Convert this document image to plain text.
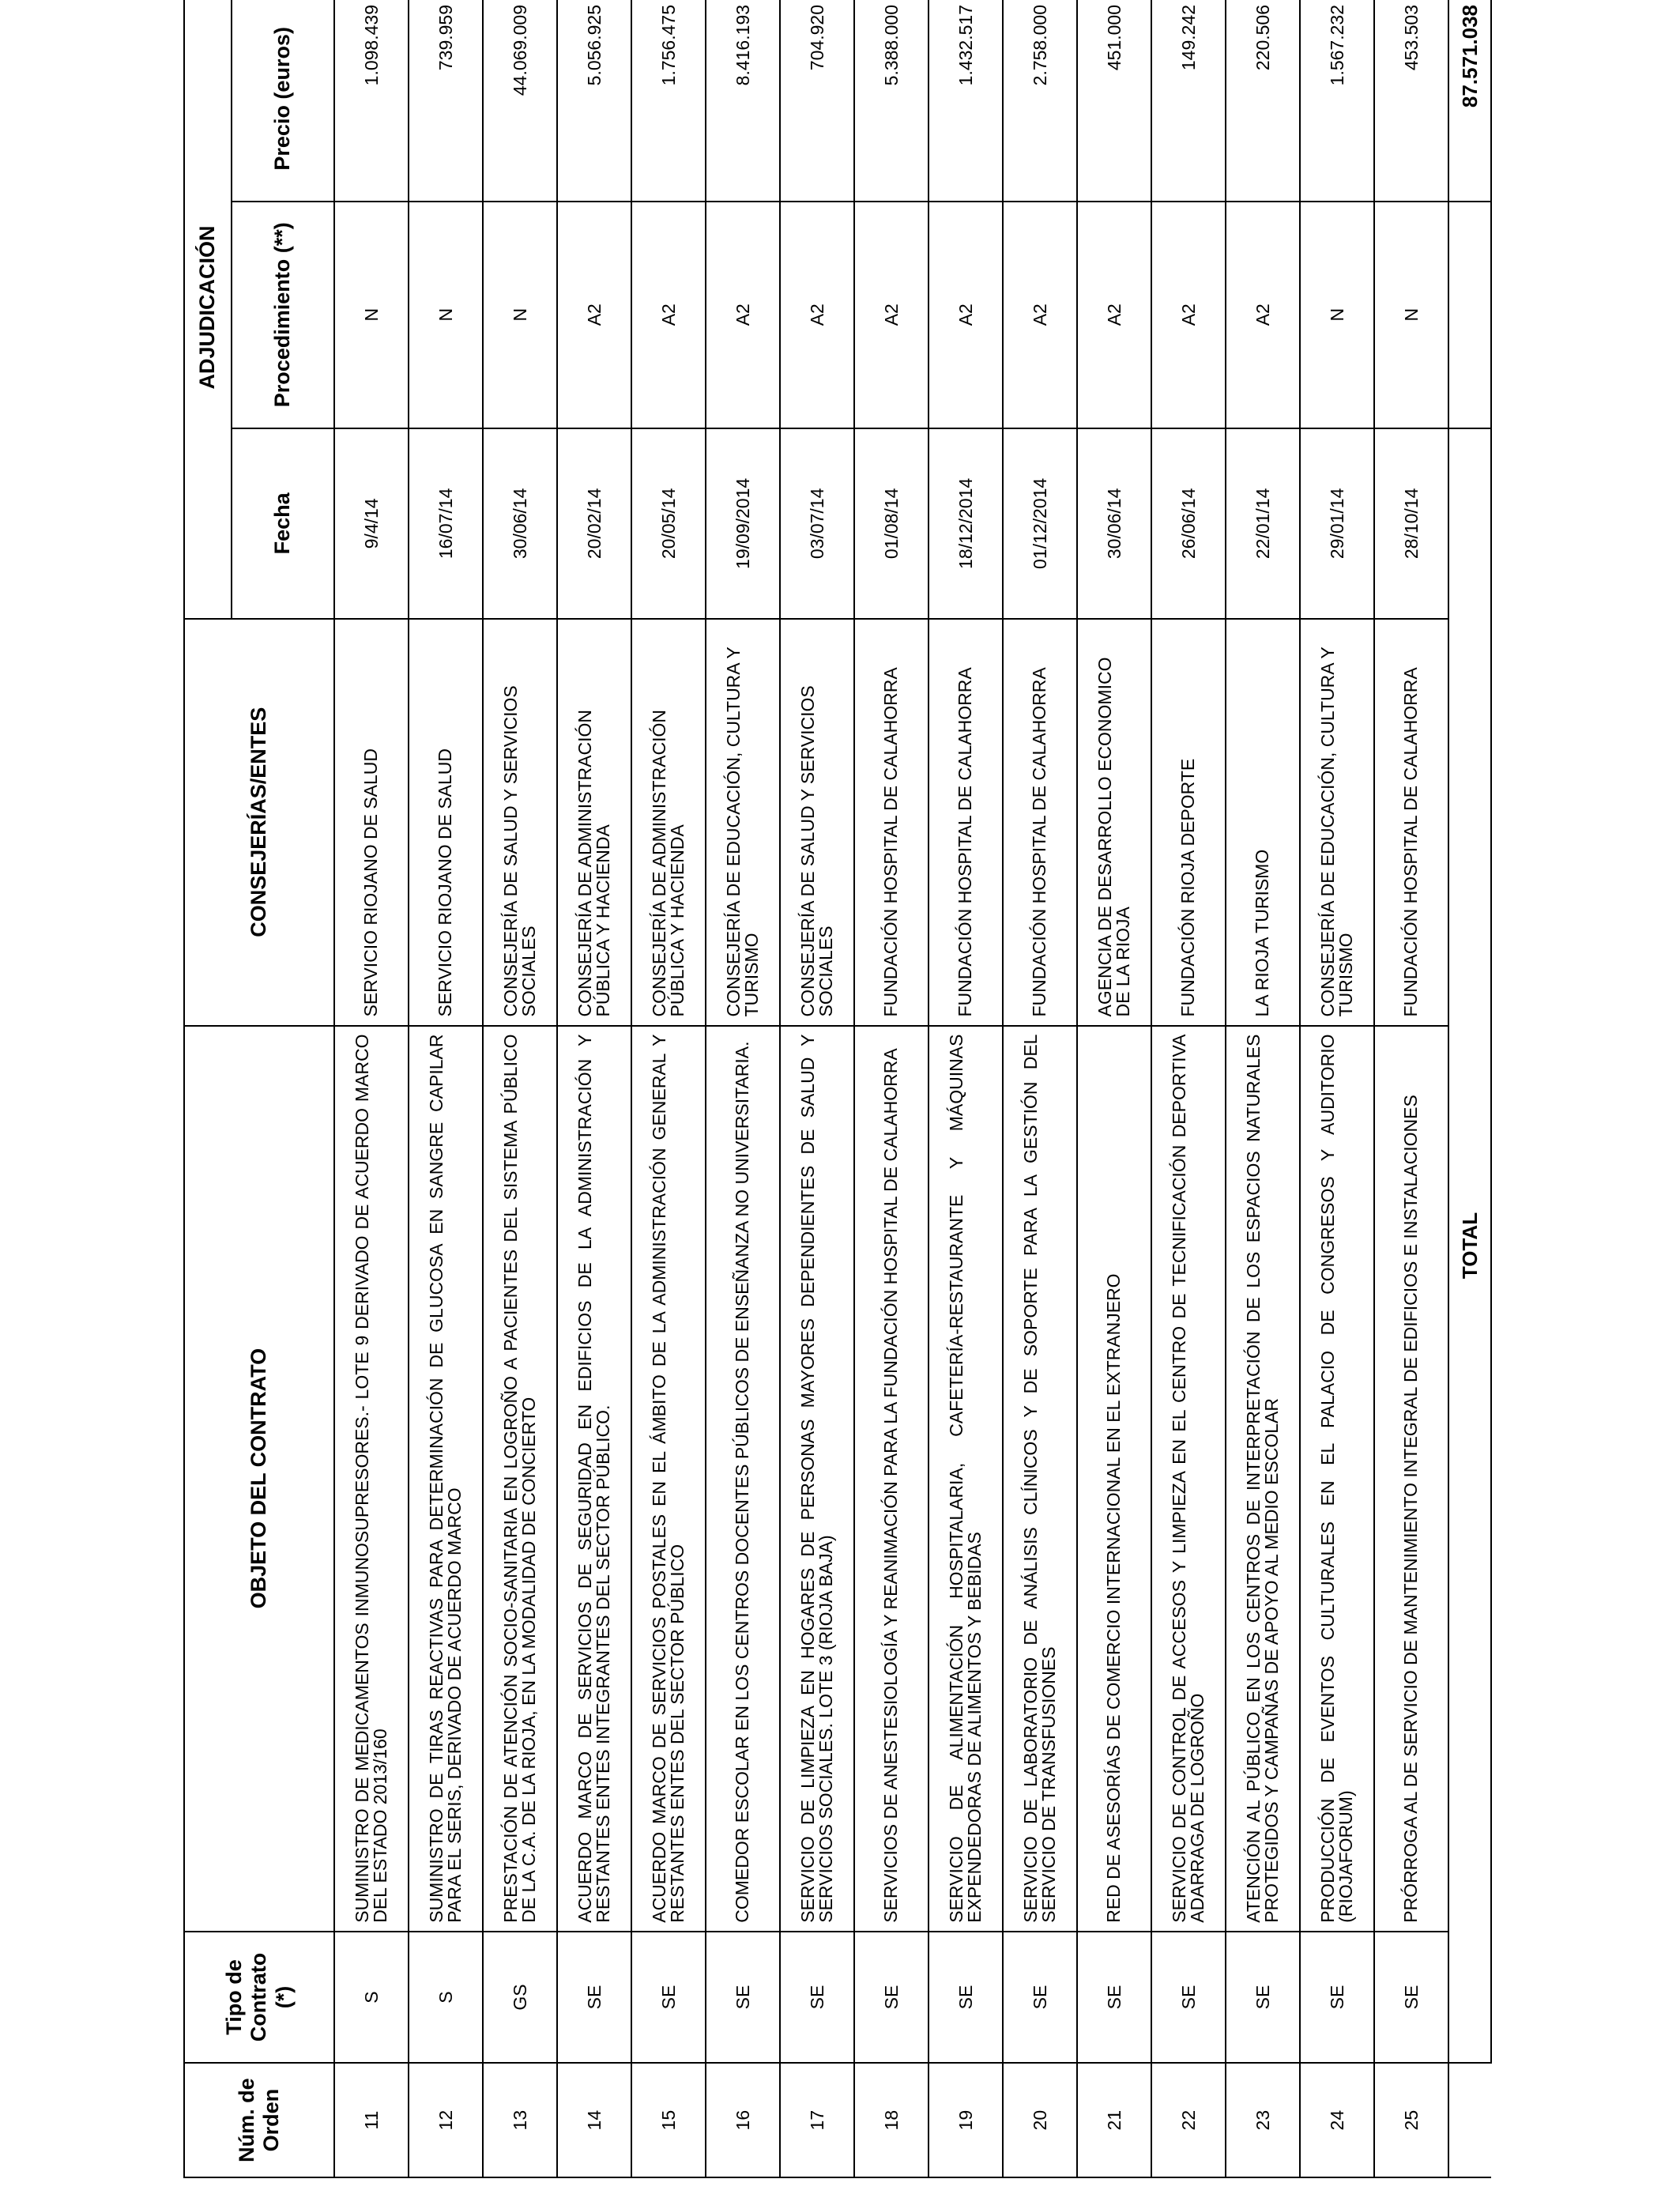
Núm. de Orden	Tipo de Contrato (*)	OBJETO DEL CONTRATO	CONSEJERÍAS/ENTES	ADJUDICACIÓN		
				Fecha	Procedimiento (**)	Precio (euros)
11	S	SUMINISTRO DE MEDICAMENTOS INMUNOSUPRESORES.- LOTE 9 DERIVADO DE ACUERDO MARCO DEL ESTADO 2013/160	SERVICIO RIOJANO DE SALUD	9/4/14	N	1.098.439
12	S	SUMINISTRO DE TIRAS REACTIVAS PARA DETERMINACIÓN DE GLUCOSA EN SANGRE CAPILAR PARA EL SERIS, DERIVADO DE ACUERDO MARCO	SERVICIO RIOJANO DE SALUD	16/07/14	N	739.959
13	GS	PRESTACIÓN DE ATENCIÓN SOCIO-SANITARIA EN LOGROÑO A PACIENTES DEL SISTEMA PÚBLICO DE LA C.A. DE LA RIOJA, EN LA MODALIDAD DE CONCIERTO	CONSEJERÍA DE SALUD Y SERVICIOS SOCIALES	30/06/14	N	44.069.009
14	SE	ACUERDO MARCO DE SERVICIOS DE SEGURIDAD EN EDIFICIOS DE LA ADMINISTRACIÓN Y RESTANTES ENTES INTEGRANTES DEL SECTOR PÚBLICO.	CONSEJERÍA DE ADMINISTRACIÓN PÚBLICA Y HACIENDA	20/02/14	A2	5.056.925
15	SE	ACUERDO MARCO DE SERVICIOS POSTALES EN EL ÁMBITO DE LA ADMINISTRACIÓN GENERAL Y RESTANTES ENTES DEL SECTOR PÚBLICO	CONSEJERÍA DE ADMINISTRACIÓN PÚBLICA Y HACIENDA	20/05/14	A2	1.756.475
16	SE	COMEDOR ESCOLAR EN LOS CENTROS DOCENTES PÚBLICOS DE ENSEÑANZA NO UNIVERSITARIA.	CONSEJERÍA DE EDUCACIÓN, CULTURA Y TURISMO	19/09/2014	A2	8.416.193
17	SE	SERVICIO DE LIMPIEZA EN HOGARES DE PERSONAS MAYORES DEPENDIENTES DE SALUD Y SERVICIOS SOCIALES. LOTE 3 (RIOJA BAJA)	CONSEJERÍA DE SALUD Y SERVICIOS SOCIALES	03/07/14	A2	704.920
18	SE	SERVICIOS DE ANESTESIOLOGÍA Y REANIMACIÓN PARA LA FUNDACIÓN HOSPITAL DE CALAHORRA	FUNDACIÓN HOSPITAL DE CALAHORRA	01/08/14	A2	5.388.000
19	SE	SERVICIO DE ALIMENTACIÓN HOSPITALARIA, CAFETERÍA-RESTAURANTE Y MÁQUINAS EXPENDEDORAS DE ALIMENTOS Y BEBIDAS	FUNDACIÓN HOSPITAL DE CALAHORRA	18/12/2014	A2	1.432.517
20	SE	SERVICIO DE LABORATORIO DE ANÁLISIS CLÍNICOS Y DE SOPORTE PARA LA GESTIÓN DEL SERVICIO DE TRANSFUSIONES	FUNDACIÓN HOSPITAL DE CALAHORRA	01/12/2014	A2	2.758.000
21	SE	RED DE ASESORÍAS DE COMERCIO INTERNACIONAL EN EL EXTRANJERO	AGENCIA DE DESARROLLO ECONOMICO DE LA RIOJA	30/06/14	A2	451.000
22	SE	SERVICIO DE CONTROL DE ACCESOS Y LIMPIEZA EN EL CENTRO DE TECNIFICACIÓN DEPORTIVA ADARRAGA DE LOGROÑO	FUNDACIÓN RIOJA DEPORTE	26/06/14	A2	149.242
23	SE	ATENCIÓN AL PÚBLICO EN LOS CENTROS DE INTERPRETACIÓN DE LOS ESPACIOS NATURALES PROTEGIDOS Y CAMPAÑAS DE APOYO AL MEDIO ESCOLAR	LA RIOJA TURISMO	22/01/14	A2	220.506
24	SE	PRODUCCIÓN DE EVENTOS CULTURALES EN EL PALACIO DE CONGRESOS Y AUDITORIO (RIOJAFORUM)	CONSEJERÍA DE EDUCACIÓN, CULTURA Y TURISMO	29/01/14	N	1.567.232
25	SE	PRÓRROGA AL DE SERVICIO DE MANTENIMIENTO INTEGRAL DE EDIFICIOS E INSTALACIONES	FUNDACIÓN HOSPITAL DE CALAHORRA	28/10/14	N	453.503
	TOTAL					87.571.038
